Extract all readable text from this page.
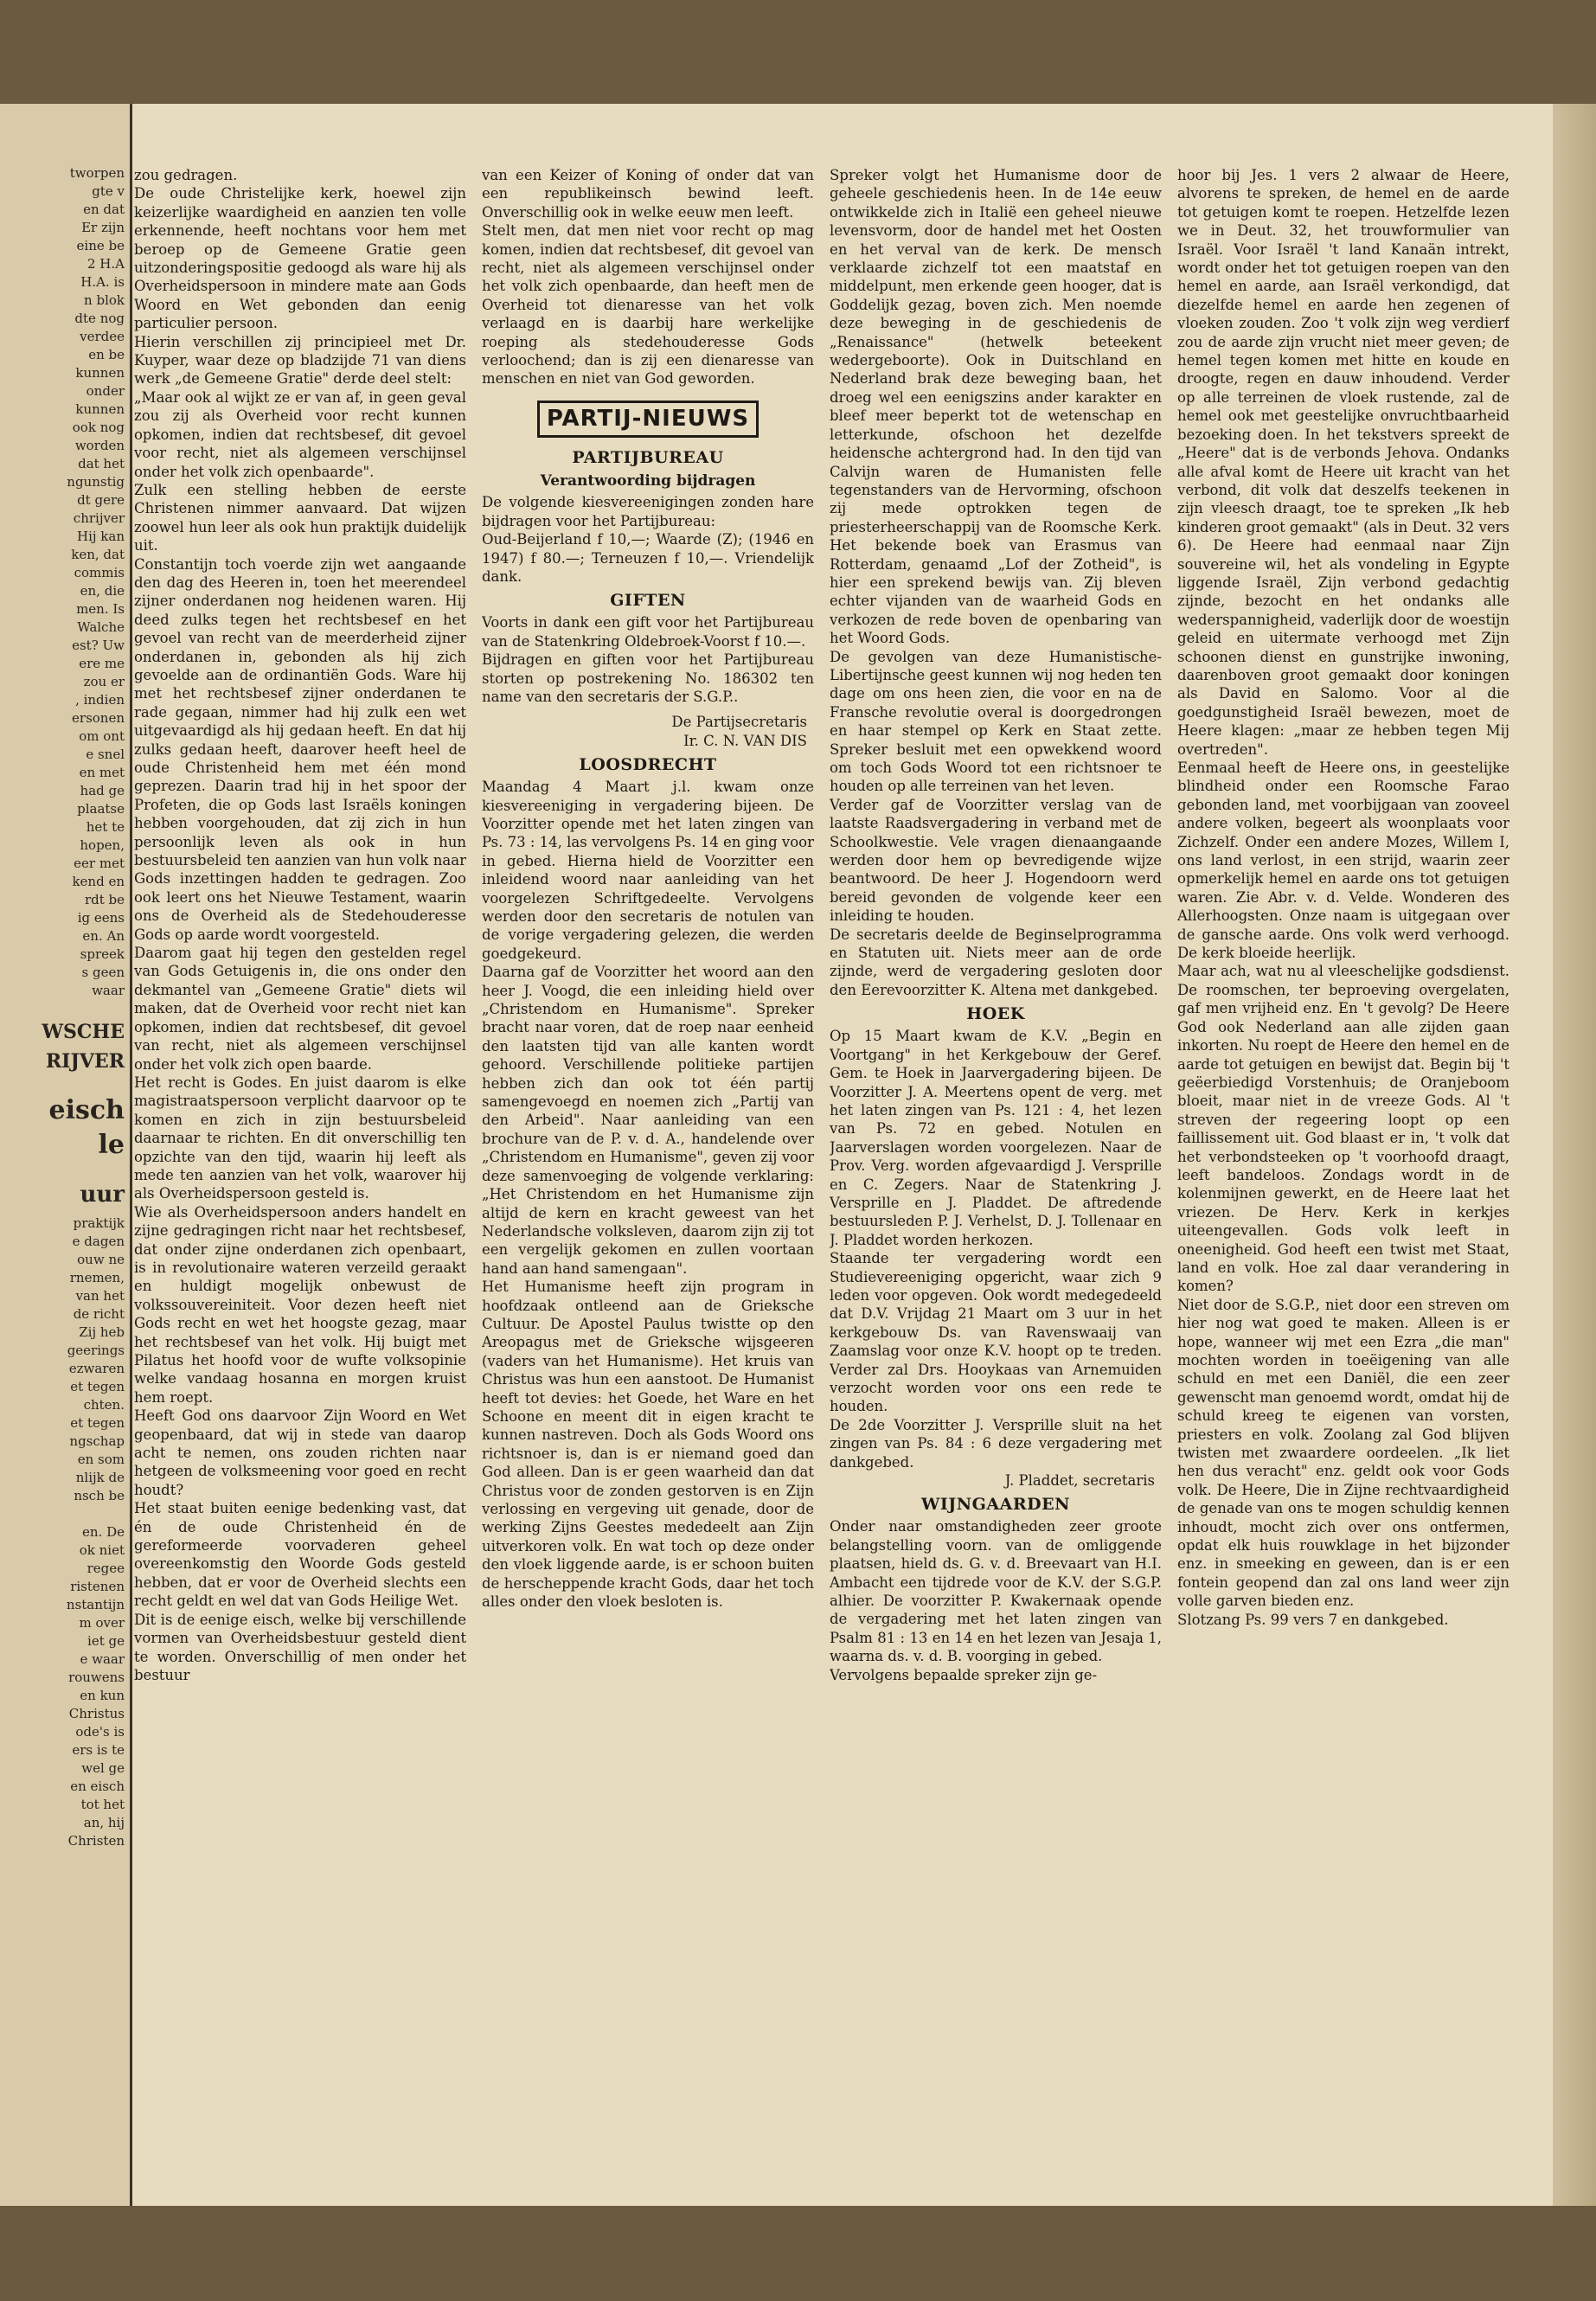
tworpen
gte v
en dat
Er zijn
eine be
2 H.A
H.A. is
n blok
dte nog
verdee
en be
kunnen
onder
kunnen
ook nog
worden
dat het
ngunstig
dt gere
chrijver
Hij kan
ken, dat
commis
en, die
men. Is
Walche
est? Uw
ere me
zou er
, indien
ersonen
om ont
e snel
en met
had ge
plaatse
het te
hopen,
eer met
kend en
rdt be
ig eens
en. An
spreek
s geen
waar
WSCHE
RIJVER
eisch
le
uur
praktijk
e dagen
ouw ne
rnemen,
van het
de richt
Zij heb
geerings
ezwaren
et tegen
chten.
et tegen
ngschap
en som
nlijk de
nsch be

en. De
ok niet
regee
ristenen
nstantijn
m over
iet ge
e waar
rouwens
en kun
Christus
ode's is
ers is te
wel ge
en eisch
tot het
an, hij
Christen

zou gedragen.

De oude Christelijke kerk, hoewel zijn keizerlijke waardigheid en aanzien ten volle erkennende, heeft nochtans voor hem met beroep op de Gemeene Gratie geen uitzonderingspositie gedoogd als ware hij als Overheidspersoon in mindere mate aan Gods Woord en Wet gebonden dan eenig particulier persoon.

Hierin verschillen zij principieel met Dr. Kuyper, waar deze op bladzijde 71 van diens werk „de Gemeene Gratie" derde deel stelt:

„Maar ook al wijkt ze er van af, in geen geval zou zij als Overheid voor recht kunnen opkomen, indien dat rechtsbesef, dit gevoel voor recht, niet als algemeen verschijnsel onder het volk zich openbaarde".

Zulk een stelling hebben de eerste Christenen nimmer aanvaard. Dat wijzen zoowel hun leer als ook hun praktijk duidelijk uit.

Constantijn toch voerde zijn wet aangaande den dag des Heeren in, toen het meerendeel zijner onderdanen nog heidenen waren. Hij deed zulks tegen het rechtsbesef en het gevoel van recht van de meerderheid zijner onderdanen in, gebonden als hij zich gevoelde aan de ordinantiën Gods. Ware hij met het rechtsbesef zijner onderdanen te rade gegaan, nimmer had hij zulk een wet uitgevaardigd als hij gedaan heeft. En dat hij zulks gedaan heeft, daarover heeft heel de oude Christenheid hem met één mond geprezen. Daarin trad hij in het spoor der Profeten, die op Gods last Israëls koningen hebben voorgehouden, dat zij zich in hun persoonlijk leven als ook in hun bestuursbeleid ten aanzien van hun volk naar Gods inzettingen hadden te gedragen. Zoo ook leert ons het Nieuwe Testament, waarin ons de Overheid als de Stedehouderesse Gods op aarde wordt voorgesteld.

Daarom gaat hij tegen den gestelden regel van Gods Getuigenis in, die ons onder den dekmantel van „Gemeene Gratie" diets wil maken, dat de Overheid voor recht niet kan opkomen, indien dat rechtsbesef, dit gevoel van recht, niet als algemeen verschijnsel onder het volk zich open baarde.

Het recht is Godes. En juist daarom is elke magistraatspersoon verplicht daarvoor op te komen en zich in zijn bestuursbeleid daarnaar te richten. En dit onverschillig ten opzichte van den tijd, waarin hij leeft als mede ten aanzien van het volk, waarover hij als Overheidspersoon gesteld is.

Wie als Overheidspersoon anders handelt en zijne gedragingen richt naar het rechtsbesef, dat onder zijne onderdanen zich openbaart, is in revolutionaire wateren verzeild geraakt en huldigt mogelijk onbewust de volkssouvereiniteit. Voor dezen heeft niet Gods recht en wet het hoogste gezag, maar het rechtsbesef van het volk. Hij buigt met Pilatus het hoofd voor de wufte volksopinie welke vandaag hosanna en morgen kruist hem roept.

Heeft God ons daarvoor Zijn Woord en Wet geopenbaard, dat wij in stede van daarop acht te nemen, ons zouden richten naar hetgeen de volksmeening voor goed en recht houdt?

Het staat buiten eenige bedenking vast, dat én de oude Christenheid én de gereformeerde voorvaderen geheel overeenkomstig den Woorde Gods gesteld hebben, dat er voor de Overheid slechts een recht geldt en wel dat van Gods Heilige Wet.

Dit is de eenige eisch, welke bij verschillende vormen van Overheidsbestuur gesteld dient te worden. Onverschillig of men onder het bestuur

van een Keizer of Koning of onder dat van een republikeinsch bewind leeft. Onverschillig ook in welke eeuw men leeft.

Stelt men, dat men niet voor recht op mag komen, indien dat rechtsbesef, dit gevoel van recht, niet als algemeen verschijnsel onder het volk zich openbaarde, dan heeft men de Overheid tot dienaresse van het volk verlaagd en is daarbij hare werkelijke roeping als stedehouderesse Gods verloochend; dan is zij een dienaresse van menschen en niet van God geworden.

PARTIJ-NIEUWS
PARTIJBUREAU
Verantwoording bijdragen

De volgende kiesvereenigingen zonden hare bijdragen voor het Partijbureau:

Oud-Beijerland f 10,—; Waarde (Z); (1946 en 1947) f 80.—; Terneuzen f 10,—. Vriendelijk dank.

GIFTEN

Voorts in dank een gift voor het Partijbureau van de Statenkring Oldebroek-Voorst f 10.—.

Bijdragen en giften voor het Partijbureau storten op postrekening No. 186302 ten name van den secretaris der S.G.P..

De Partijsecretaris

Ir. C. N. VAN DIS

LOOSDRECHT

Maandag 4 Maart j.l. kwam onze kiesvereeniging in vergadering bijeen. De Voorzitter opende met het laten zingen van Ps. 73 : 14, las vervolgens Ps. 14 en ging voor in gebed. Hierna hield de Voorzitter een inleidend woord naar aanleiding van het voorgelezen Schriftgedeelte. Vervolgens werden door den secretaris de notulen van de vorige vergadering gelezen, die werden goedgekeurd.

Daarna gaf de Voorzitter het woord aan den heer J. Voogd, die een inleiding hield over „Christendom en Humanisme". Spreker bracht naar voren, dat de roep naar eenheid den laatsten tijd van alle kanten wordt gehoord. Verschillende politieke partijen hebben zich dan ook tot één partij samengevoegd en noemen zich „Partij van den Arbeid". Naar aanleiding van een brochure van de P. v. d. A., handelende over „Christendom en Humanisme", geven zij voor deze samenvoeging de volgende verklaring: „Het Christendom en het Humanisme zijn altijd de kern en kracht geweest van het Nederlandsche volksleven, daarom zijn zij tot een vergelijk gekomen en zullen voortaan hand aan hand samengaan".

Het Humanisme heeft zijn program in hoofdzaak ontleend aan de Grieksche Cultuur. De Apostel Paulus twistte op den Areopagus met de Grieksche wijsgeeren (vaders van het Humanisme). Het kruis van Christus was hun een aanstoot. De Humanist heeft tot devies: het Goede, het Ware en het Schoone en meent dit in eigen kracht te kunnen nastreven. Doch als Gods Woord ons richtsnoer is, dan is er niemand goed dan God alleen. Dan is er geen waarheid dan dat Christus voor de zonden gestorven is en Zijn verlossing en vergeving uit genade, door de werking Zijns Geestes mededeelt aan Zijn uitverkoren volk. En wat toch op deze onder den vloek liggende aarde, is er schoon buiten de herscheppende kracht Gods, daar het toch alles onder den vloek besloten is.

Spreker volgt het Humanisme door de geheele geschiedenis heen. In de 14e eeuw ontwikkelde zich in Italië een geheel nieuwe levensvorm, door de handel met het Oosten en het verval van de kerk. De mensch verklaarde zichzelf tot een maatstaf en middelpunt, men erkende geen hooger, dat is Goddelijk gezag, boven zich. Men noemde deze beweging in de geschiedenis de „Renaissance" (hetwelk beteekent wedergeboorte). Ook in Duitschland en Nederland brak deze beweging baan, het droeg wel een eenigszins ander karakter en bleef meer beperkt tot de wetenschap en letterkunde, ofschoon het dezelfde heidensche achtergrond had. In den tijd van Calvijn waren de Humanisten felle tegenstanders van de Hervorming, ofschoon zij mede optrokken tegen de priesterheerschappij van de Roomsche Kerk. Het bekende boek van Erasmus van Rotterdam, genaamd „Lof der Zotheid", is hier een sprekend bewijs van. Zij bleven echter vijanden van de waarheid Gods en verkozen de rede boven de openbaring van het Woord Gods.

De gevolgen van deze Humanistische-Libertijnsche geest kunnen wij nog heden ten dage om ons heen zien, die voor en na de Fransche revolutie overal is doorgedrongen en haar stempel op Kerk en Staat zette. Spreker besluit met een opwekkend woord om toch Gods Woord tot een richtsnoer te houden op alle terreinen van het leven.

Verder gaf de Voorzitter verslag van de laatste Raadsvergadering in verband met de Schoolkwestie. Vele vragen dienaangaande werden door hem op bevredigende wijze beantwoord. De heer J. Hogendoorn werd bereid gevonden de volgende keer een inleiding te houden.

De secretaris deelde de Beginselprogramma en Statuten uit. Niets meer aan de orde zijnde, werd de vergadering gesloten door den Eerevoorzitter K. Altena met dankgebed.

HOEK

Op 15 Maart kwam de K.V. „Begin en Voortgang" in het Kerkgebouw der Geref. Gem. te Hoek in Jaarvergadering bijeen. De Voorzitter J. A. Meertens opent de verg. met het laten zingen van Ps. 121 : 4, het lezen van Ps. 72 en gebed. Notulen en Jaarverslagen worden voorgelezen. Naar de Prov. Verg. worden afgevaardigd J. Versprille en C. Zegers. Naar de Statenkring J. Versprille en J. Pladdet. De aftredende bestuursleden P. J. Verhelst, D. J. Tollenaar en J. Pladdet worden herkozen.

Staande ter vergadering wordt een Studievereeniging opgericht, waar zich 9 leden voor opgeven. Ook wordt medegedeeld dat D.V. Vrijdag 21 Maart om 3 uur in het kerkgebouw Ds. van Ravenswaaij van Zaamslag voor onze K.V. hoopt op te treden. Verder zal Drs. Hooykaas van Arnemuiden verzocht worden voor ons een rede te houden.

De 2de Voorzitter J. Versprille sluit na het zingen van Ps. 84 : 6 deze vergadering met dankgebed.

J. Pladdet, secretaris

WIJNGAARDEN

Onder naar omstandigheden zeer groote belangstelling voorn. van de omliggende plaatsen, hield ds. G. v. d. Breevaart van H.I. Ambacht een tijdrede voor de K.V. der S.G.P. alhier. De voorzitter P. Kwakernaak opende de vergadering met het laten zingen van Psalm 81 : 13 en 14 en het lezen van Jesaja 1, waarna ds. v. d. B. voorging in gebed.

Vervolgens bepaalde spreker zijn ge-

hoor bij Jes. 1 vers 2 alwaar de Heere, alvorens te spreken, de hemel en de aarde tot getuigen komt te roepen. Hetzelfde lezen we in Deut. 32, het trouwformulier van Israël. Voor Israël 't land Kanaän intrekt, wordt onder het tot getuigen roepen van den hemel en aarde, aan Israël verkondigd, dat diezelfde hemel en aarde hen zegenen of vloeken zouden. Zoo 't volk zijn weg verdierf zou de aarde zijn vrucht niet meer geven; de hemel tegen komen met hitte en koude en droogte, regen en dauw inhoudend. Verder op alle terreinen de vloek rustende, zal de hemel ook met geestelijke onvruchtbaarheid bezoeking doen. In het tekstvers spreekt de „Heere" dat is de verbonds Jehova. Ondanks alle afval komt de Heere uit kracht van het verbond, dit volk dat deszelfs teekenen in zijn vleesch draagt, toe te spreken „Ik heb kinderen groot gemaakt" (als in Deut. 32 vers 6). De Heere had eenmaal naar Zijn souvereine wil, het als vondeling in Egypte liggende Israël, Zijn verbond gedachtig zijnde, bezocht en het ondanks alle wederspannigheid, vaderlijk door de woestijn geleid en uitermate verhoogd met Zijn schoonen dienst en gunstrijke inwoning, daarenboven groot gemaakt door koningen als David en Salomo. Voor al die goedgunstigheid Israël bewezen, moet de Heere klagen: „maar ze hebben tegen Mij overtreden".

Eenmaal heeft de Heere ons, in geestelijke blindheid onder een Roomsche Farao gebonden land, met voorbijgaan van zooveel andere volken, begeert als woonplaats voor Zichzelf. Onder een andere Mozes, Willem I, ons land verlost, in een strijd, waarin zeer opmerkelijk hemel en aarde ons tot getuigen waren. Zie Abr. v. d. Velde. Wonderen des Allerhoogsten. Onze naam is uitgegaan over de gansche aarde. Ons volk werd verhoogd. De kerk bloeide heerlijk.

Maar ach, wat nu al vleeschelijke godsdienst. De roomschen, ter beproeving overgelaten, gaf men vrijheid enz. En 't gevolg? De Heere God ook Nederland aan alle zijden gaan inkorten. Nu roept de Heere den hemel en de aarde tot getuigen en bewijst dat. Begin bij 't geëerbiedigd Vorstenhuis; de Oranjeboom bloeit, maar niet in de vreeze Gods. Al 't streven der regeering loopt op een faillissement uit. God blaast er in, 't volk dat het verbondsteeken op 't voorhoofd draagt, leeft bandeloos. Zondags wordt in de kolenmijnen gewerkt, en de Heere laat het vriezen. De Herv. Kerk in kerkjes uiteengevallen. Gods volk leeft in oneenigheid. God heeft een twist met Staat, land en volk. Hoe zal daar verandering in komen?

Niet door de S.G.P., niet door een streven om hier nog wat goed te maken. Alleen is er hope, wanneer wij met een Ezra „die man" mochten worden in toeëigening van alle schuld en met een Daniël, die een zeer gewenscht man genoemd wordt, omdat hij de schuld kreeg te eigenen van vorsten, priesters en volk. Zoolang zal God blijven twisten met zwaardere oordeelen. „Ik liet hen dus veracht" enz. geldt ook voor Gods volk. De Heere, Die in Zijne rechtvaardigheid de genade van ons te mogen schuldig kennen inhoudt, mocht zich over ons ontfermen, opdat elk huis rouwklage in het bijzonder enz. in smeeking en geween, dan is er een fontein geopend dan zal ons land weer zijn volle garven bieden enz.

Slotzang Ps. 99 vers 7 en dankgebed.
